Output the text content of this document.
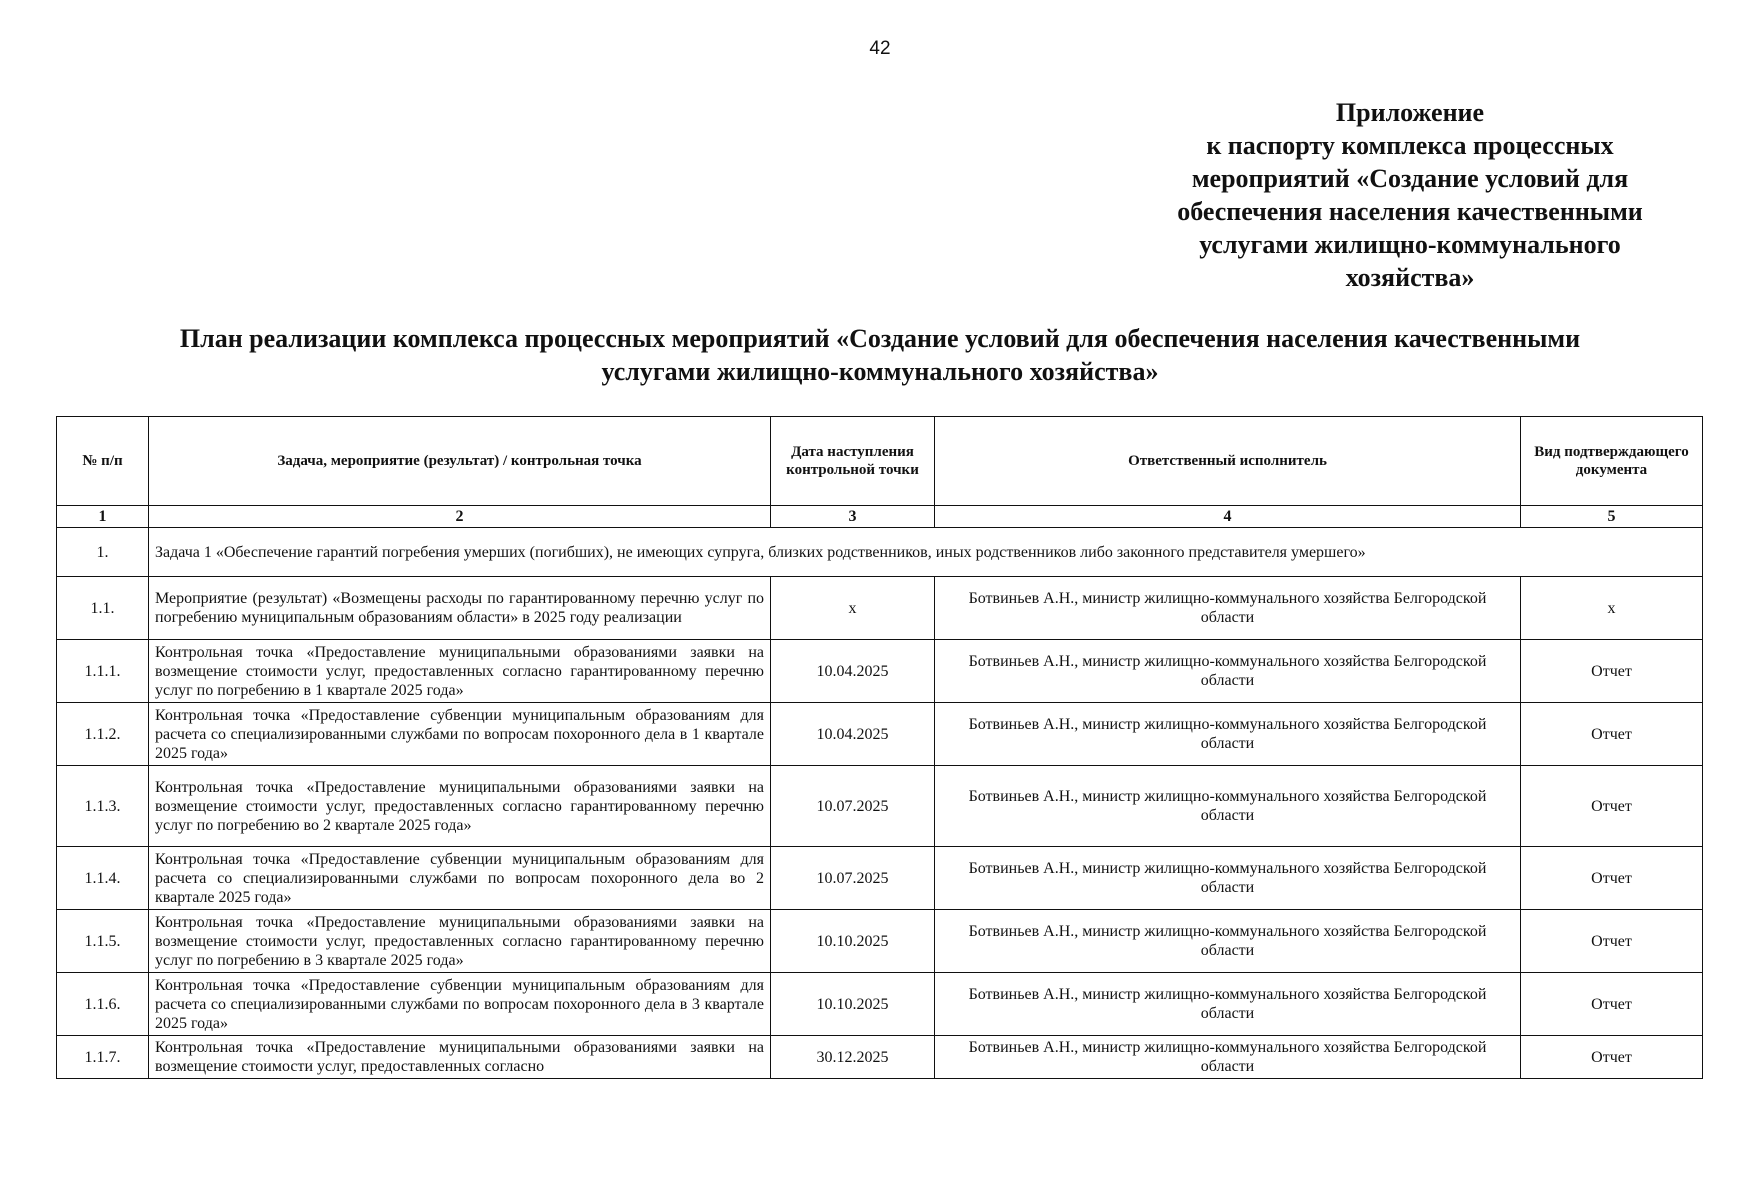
42
Приложение
к паспорту комплекса процессных
мероприятий «Создание условий для
обеспечения населения качественными
услугами жилищно-коммунального
хозяйства»
План реализации комплекса процессных мероприятий «Создание условий для обеспечения населения качественными
услугами жилищно-коммунального хозяйства»
№ п/п	Задача, мероприятие (результат) / контрольная точка	Дата наступления контрольной точки	Ответственный исполнитель	Вид подтверждающего документа
1	2	3	4	5
1.	Задача 1 «Обеспечение гарантий погребения умерших (погибших), не имеющих супруга, близких родственников, иных родственников либо законного представителя умершего»			
1.1.	Мероприятие (результат) «Возмещены расходы по гарантированному перечню услуг по погребению муниципальным образованиям области» в 2025 году реализации	x	Ботвиньев А.Н., министр жилищно-коммунального хозяйства Белгородской области	x
1.1.1.	Контрольная точка «Предоставление муниципальными образованиями заявки на возмещение стоимости услуг, предоставленных согласно гарантированному перечню услуг по погребению в 1 квартале 2025 года»	10.04.2025	Ботвиньев А.Н., министр жилищно-коммунального хозяйства Белгородской области	Отчет
1.1.2.	Контрольная точка «Предоставление субвенции муниципальным образованиям для расчета со специализированными службами по вопросам похоронного дела в 1 квартале 2025 года»	10.04.2025	Ботвиньев А.Н., министр жилищно-коммунального хозяйства Белгородской области	Отчет
1.1.3.	Контрольная точка «Предоставление муниципальными образованиями заявки на возмещение стоимости услуг, предоставленных согласно гарантированному перечню услуг по погребению во 2 квартале 2025 года»	10.07.2025	Ботвиньев А.Н., министр жилищно-коммунального хозяйства Белгородской области	Отчет
1.1.4.	Контрольная точка «Предоставление субвенции муниципальным образованиям для расчета со специализированными службами по вопросам похоронного дела во 2 квартале 2025 года»	10.07.2025	Ботвиньев А.Н., министр жилищно-коммунального хозяйства Белгородской области	Отчет
1.1.5.	Контрольная точка «Предоставление муниципальными образованиями заявки на возмещение стоимости услуг, предоставленных согласно гарантированному перечню услуг по погребению в 3 квартале 2025 года»	10.10.2025	Ботвиньев А.Н., министр жилищно-коммунального хозяйства Белгородской области	Отчет
1.1.6.	Контрольная точка «Предоставление субвенции муниципальным образованиям для расчета со специализированными службами по вопросам похоронного дела в 3 квартале 2025 года»	10.10.2025	Ботвиньев А.Н., министр жилищно-коммунального хозяйства Белгородской области	Отчет
1.1.7.	Контрольная точка «Предоставление муниципальными образованиями заявки на возмещение стоимости услуг, предоставленных согласно	30.12.2025	Ботвиньев А.Н., министр жилищно-коммунального хозяйства Белгородской области	Отчет
